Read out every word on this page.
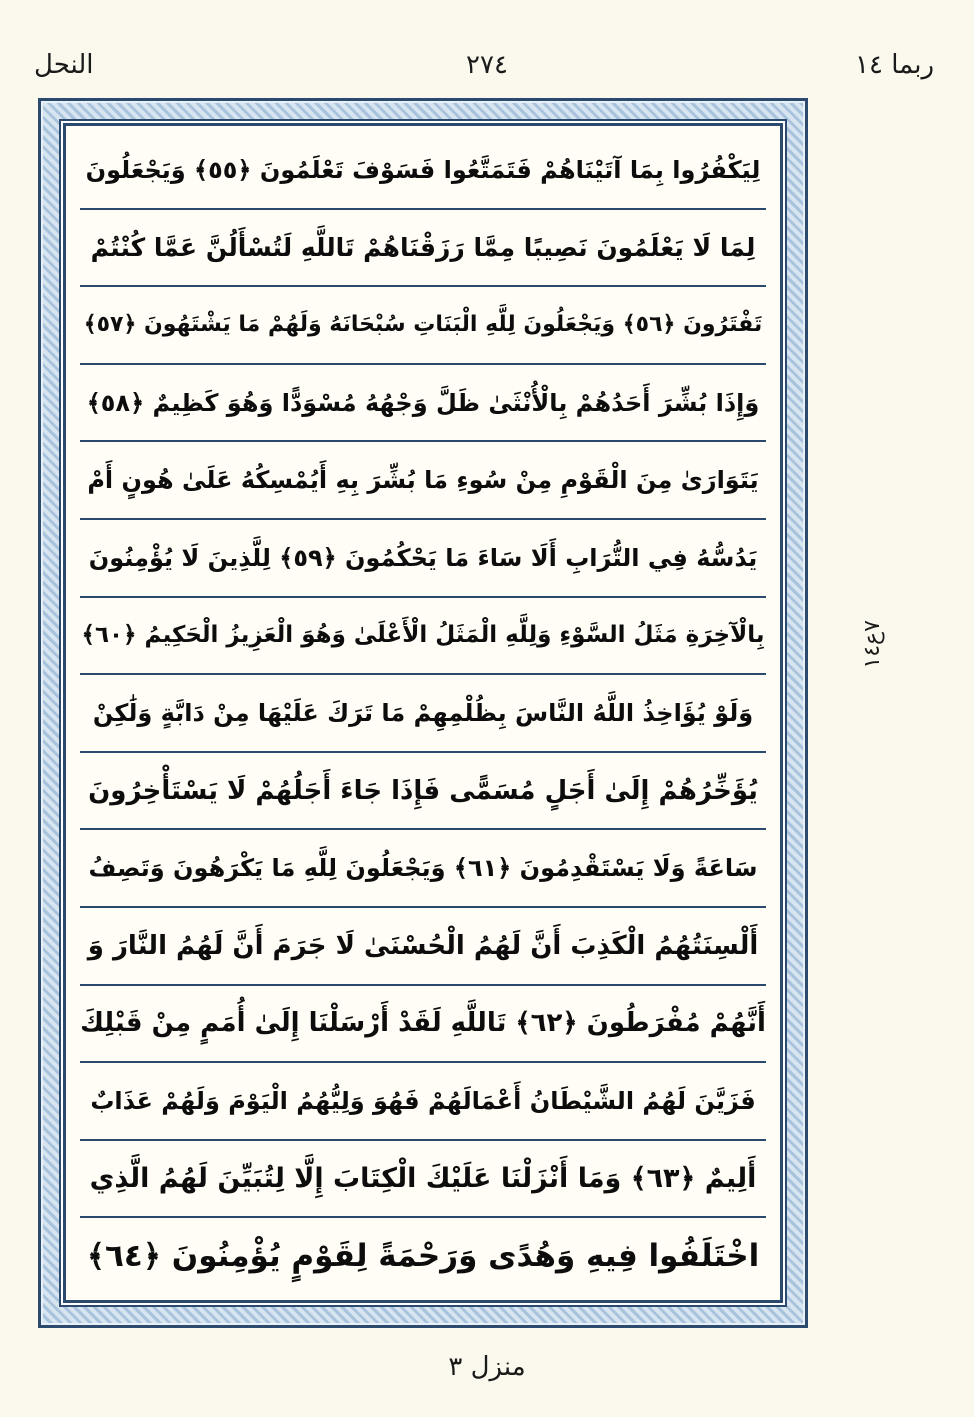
النحل	٢٧٤	ربما ١٤
لِيَكْفُرُوا بِمَا آتَيْنَاهُمْ فَتَمَتَّعُوا فَسَوْفَ تَعْلَمُونَ ﴿٥٥﴾ وَيَجْعَلُونَ
لِمَا لَا يَعْلَمُونَ نَصِيبًا مِمَّا رَزَقْنَاهُمْ تَاللَّهِ لَتُسْأَلُنَّ عَمَّا كُنْتُمْ
تَفْتَرُونَ ﴿٥٦﴾ وَيَجْعَلُونَ لِلَّهِ الْبَنَاتِ سُبْحَانَهُ وَلَهُمْ مَا يَشْتَهُونَ ﴿٥٧﴾
وَإِذَا بُشِّرَ أَحَدُهُمْ بِالْأُنْثَىٰ ظَلَّ وَجْهُهُ مُسْوَدًّا وَهُوَ كَظِيمٌ ﴿٥٨﴾
يَتَوَارَىٰ مِنَ الْقَوْمِ مِنْ سُوءِ مَا بُشِّرَ بِهِ أَيُمْسِكُهُ عَلَىٰ هُونٍ أَمْ
يَدُسُّهُ فِي التُّرَابِ أَلَا سَاءَ مَا يَحْكُمُونَ ﴿٥٩﴾ لِلَّذِينَ لَا يُؤْمِنُونَ
بِالْآخِرَةِ مَثَلُ السَّوْءِ وَلِلَّهِ الْمَثَلُ الْأَعْلَىٰ وَهُوَ الْعَزِيزُ الْحَكِيمُ ﴿٦٠﴾
وَلَوْ يُؤَاخِذُ اللَّهُ النَّاسَ بِظُلْمِهِمْ مَا تَرَكَ عَلَيْهَا مِنْ دَابَّةٍ وَلَٰكِنْ
يُؤَخِّرُهُمْ إِلَىٰ أَجَلٍ مُسَمًّى فَإِذَا جَاءَ أَجَلُهُمْ لَا يَسْتَأْخِرُونَ
سَاعَةً وَلَا يَسْتَقْدِمُونَ ﴿٦١﴾ وَيَجْعَلُونَ لِلَّهِ مَا يَكْرَهُونَ وَتَصِفُ
أَلْسِنَتُهُمُ الْكَذِبَ أَنَّ لَهُمُ الْحُسْنَىٰ لَا جَرَمَ أَنَّ لَهُمُ النَّارَ وَ
أَنَّهُمْ مُفْرَطُونَ ﴿٦٢﴾ تَاللَّهِ لَقَدْ أَرْسَلْنَا إِلَىٰ أُمَمٍ مِنْ قَبْلِكَ
فَزَيَّنَ لَهُمُ الشَّيْطَانُ أَعْمَالَهُمْ فَهُوَ وَلِيُّهُمُ الْيَوْمَ وَلَهُمْ عَذَابٌ
أَلِيمٌ ﴿٦٣﴾ وَمَا أَنْزَلْنَا عَلَيْكَ الْكِتَابَ إِلَّا لِتُبَيِّنَ لَهُمُ الَّذِي
اخْتَلَفُوا فِيهِ وَهُدًى وَرَحْمَةً لِقَوْمٍ يُؤْمِنُونَ ﴿٦٤﴾
٧ع١٤
منزل ٣
